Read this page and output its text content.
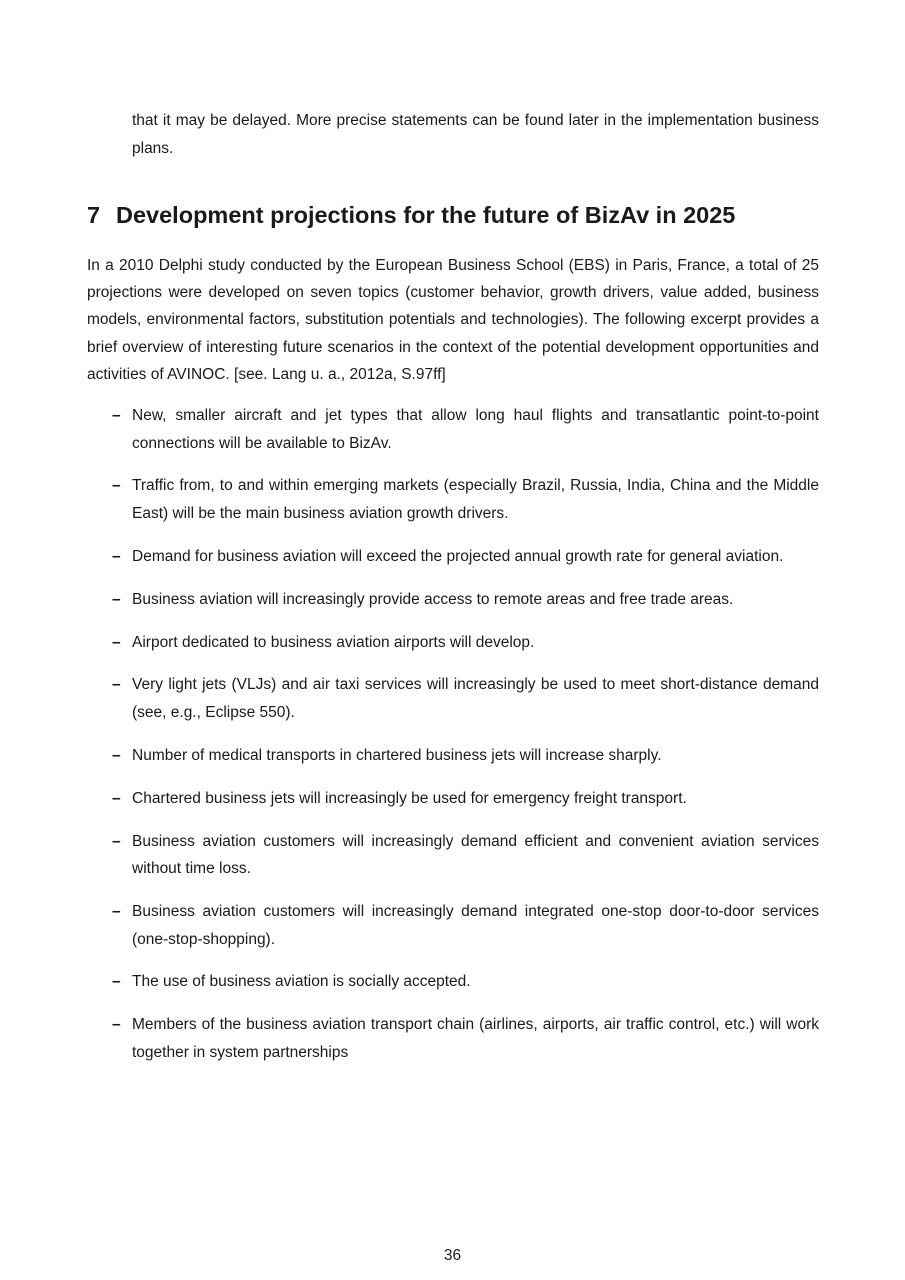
that it may be delayed. More precise statements can be found later in the implementation business plans.

7 Development projections for the future of BizAv in 2025

In a 2010 Delphi study conducted by the European Business School (EBS) in Paris, France, a total of 25 projections were developed on seven topics (customer behavior, growth drivers, value added, business models, environmental factors, substitution potentials and technologies). The following excerpt provides a brief overview of interesting future scenarios in the context of the potential development opportunities and activities of AVINOC. [see. Lang u. a., 2012a, S.97ff]

– New, smaller aircraft and jet types that allow long haul flights and transatlantic point-to-point connections will be available to BizAv.
– Traffic from, to and within emerging markets (especially Brazil, Russia, India, China and the Middle East) will be the main business aviation growth drivers.
– Demand for business aviation will exceed the projected annual growth rate for general aviation.
– Business aviation will increasingly provide access to remote areas and free trade areas.
– Airport dedicated to business aviation airports will develop.
– Very light jets (VLJs) and air taxi services will increasingly be used to meet short-distance demand (see, e.g., Eclipse 550).
– Number of medical transports in chartered business jets will increase sharply.
– Chartered business jets will increasingly be used for emergency freight transport.
– Business aviation customers will increasingly demand efficient and convenient aviation services without time loss.
– Business aviation customers will increasingly demand integrated one-stop door-to-door services (one-stop-shopping).
– The use of business aviation is socially accepted.
– Members of the business aviation transport chain (airlines, airports, air traffic control, etc.) will work together in system partnerships

36
